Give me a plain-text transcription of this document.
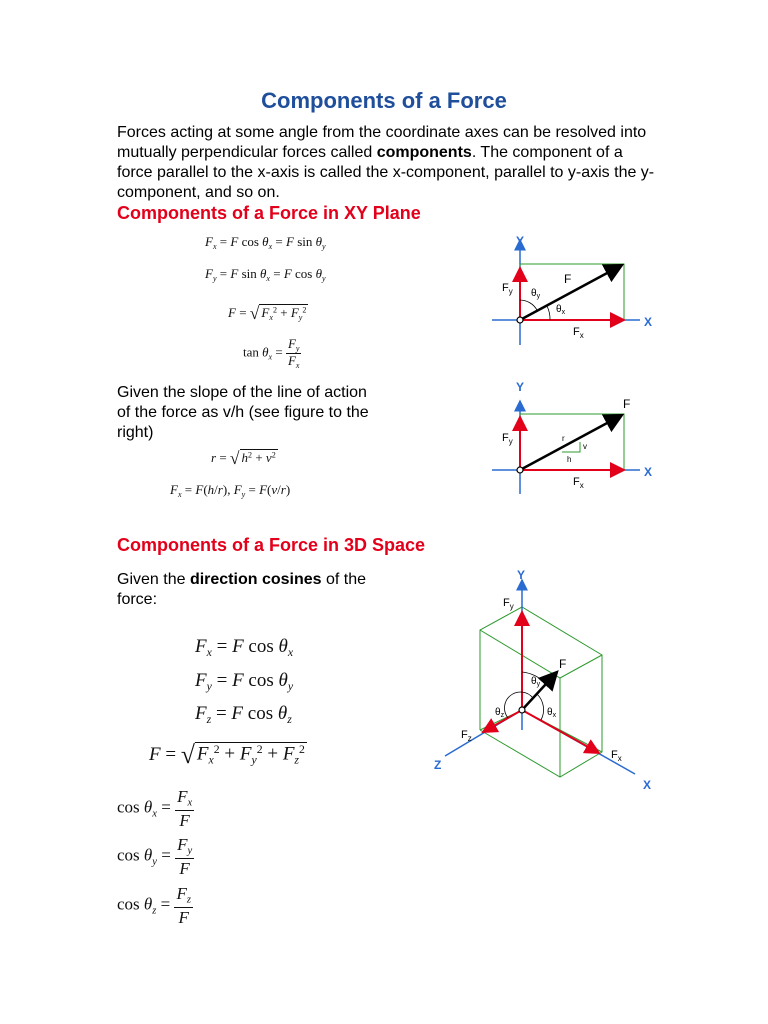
Components of a Force
Forces acting at some angle from the coordinate axes can be resolved into mutually perpendicular forces called components. The component of a force parallel to the x-axis is called the x-component, parallel to y-axis the y-component, and so on.
Components of a Force in XY Plane
$F_x = F$ $\cos \theta_x = F$ $\sin \theta_y$
$F_y = F$ $\sin \theta_x = F$ $\cos \theta_y$
F = √ $F_x^2 + F_y^2$
$\tan \theta_x = \frac{F_y}{F_x}$
Given the slope of the line of action of the force as v/h (see figure to the right)
r = √ $h^2 + v^2$
$F_x = F(h/r)$, $F_y = F(v/r)$
Components of a Force in 3D Space
Given the direction cosines of the force:
$F_x = F$ $\cos \theta_x$
$F_y = F$ $\cos \theta_y$
$F_z = F$ $\cos \theta_z$
F = √ $F_x^2 + F_y^2 + F_z^2$
$\cos \theta_x = \frac{F_x}{F}$
$\cos \theta_y = \frac{F_y}{F}$
$\cos \theta_z = \frac{F_z}{F}$
Y
X
F
$F_y$
$F_x$
$\theta_y$
$\theta_x$
Y
X
F
$F_y$
$F_x$
r
v
h
Y
X
Z
F
$F_y$
$F_x$
$F_z$
$\theta_y$
$\theta_x$
$\theta_z$
